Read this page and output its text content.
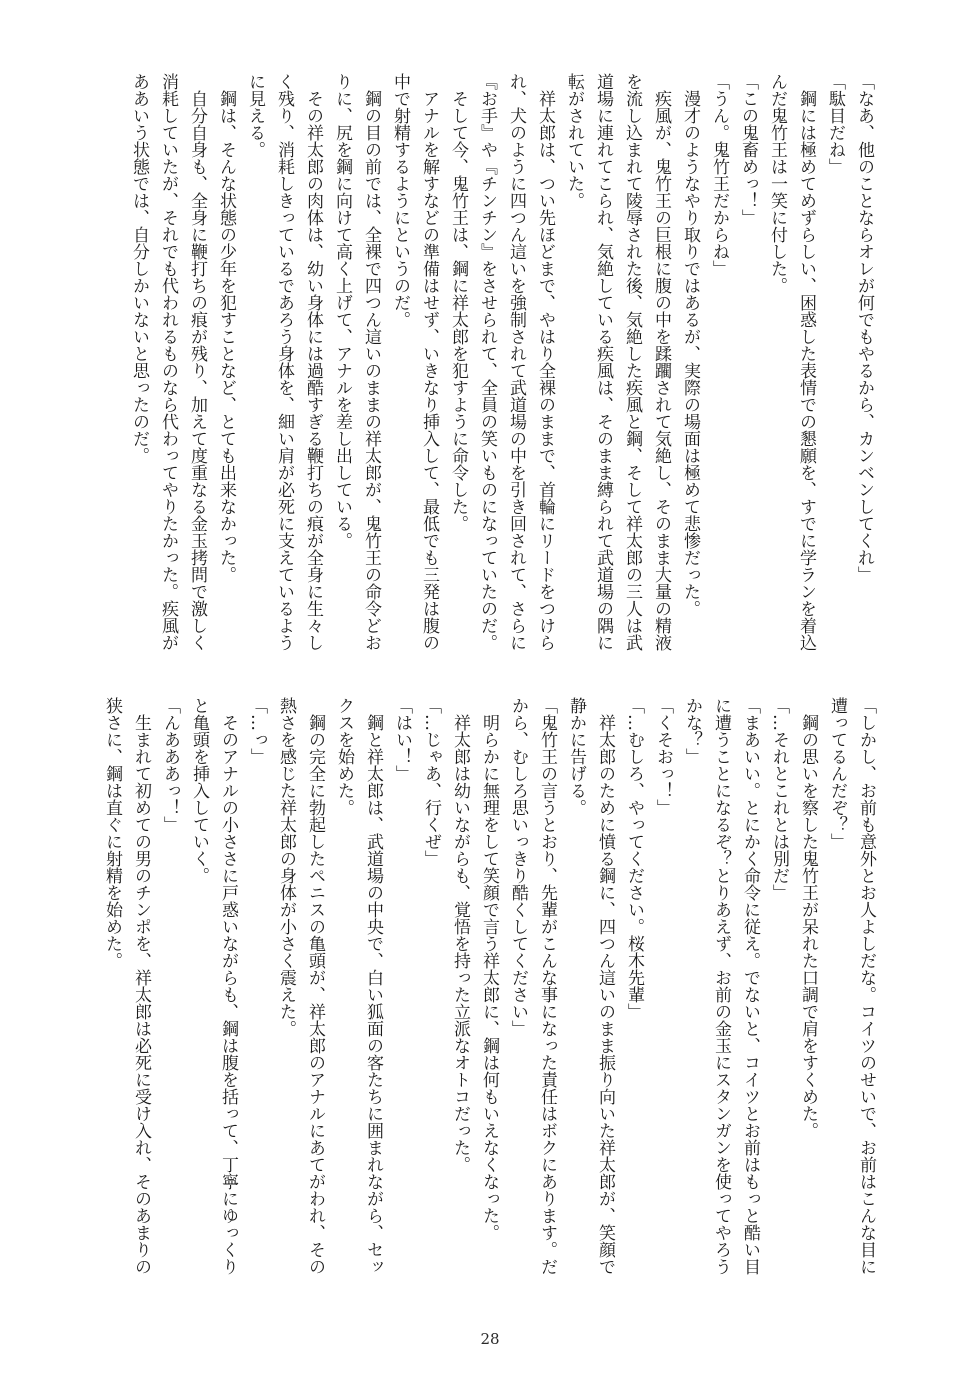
「なあ、他のことならオレが何でもやるから、カンベンしてくれ」
「駄目だね」
　鋼には極めてめずらしい、困惑した表情での懇願を、すでに学ランを着込
んだ鬼竹王は一笑に付した。
「この鬼畜めっ！」
「うん。鬼竹王だからね」
　漫才のようなやり取りではあるが、実際の場面は極めて悲惨だった。
　疾風が、鬼竹王の巨根に腹の中を蹂躙されて気絶し、そのまま大量の精液
を流し込まれて陵辱された後、気絶した疾風と鋼、そして祥太郎の三人は武
道場に連れてこられ、気絶している疾風は、そのまま縛られて武道場の隅に
転がされていた。
　祥太郎は、つい先ほどまで、やはり全裸のままで、首輪にリードをつけら
れ、犬のように四つん這いを強制されて武道場の中を引き回されて、さらに
『お手』や『チンチン』をさせられて、全員の笑いものになっていたのだ。
　そして今、鬼竹王は、鋼に祥太郎を犯すように命令した。
　アナルを解すなどの準備はせず、いきなり挿入して、最低でも三発は腹の
中で射精するようにというのだ。
　鋼の目の前では、全裸で四つん這いのままの祥太郎が、鬼竹王の命令どお
りに、尻を鋼に向けて高く上げて、アナルを差し出している。
　その祥太郎の肉体は、幼い身体には過酷すぎる鞭打ちの痕が全身に生々し
く残り、消耗しきっているであろう身体を、細い肩が必死に支えているよう
に見える。
　鋼は、そんな状態の少年を犯すことなど、とても出来なかった。
　自分自身も、全身に鞭打ちの痕が残り、加えて度重なる金玉拷問で激しく
消耗していたが、それでも代われるものなら代わってやりたかった。疾風が
ああいう状態では、自分しかいないと思ったのだ。
「しかし、お前も意外とお人よしだな。コイツのせいで、お前はこんな目に
遭ってるんだぞ？」
　鋼の思いを察した鬼竹王が呆れた口調で肩をすくめた。
「…それとこれとは別だ」
「まあいい。とにかく命令に従え。でないと、コイツとお前はもっと酷い目
に遭うことになるぞ？とりあえず、お前の金玉にスタンガンを使ってやろう
かな？」
「くそおっ！」
「…むしろ、やってください。桜木先輩」
　祥太郎のために憤る鋼に、四つん這いのまま振り向いた祥太郎が、笑顔で
静かに告げる。
「鬼竹王の言うとおり、先輩がこんな事になった責任はボクにあります。だ
から、むしろ思いっきり酷くしてください」
　明らかに無理をして笑顔で言う祥太郎に、鋼は何もいえなくなった。
　祥太郎は幼いながらも、覚悟を持った立派なオトコだった。
「…じゃあ、行くぜ」
「はい！」
　鋼と祥太郎は、武道場の中央で、白い狐面の客たちに囲まれながら、セッ
クスを始めた。
　鋼の完全に勃起したペニスの亀頭が、祥太郎のアナルにあてがわれ、その
熱さを感じた祥太郎の身体が小さく震えた。
「…っ」
　そのアナルの小ささに戸惑いながらも、鋼は腹を括って、丁寧にゆっくり
と亀頭を挿入していく。
「んあああっ！」
　生まれて初めての男のチンポを、祥太郎は必死に受け入れ、そのあまりの
狭さに、鋼は直ぐに射精を始めた。
28
